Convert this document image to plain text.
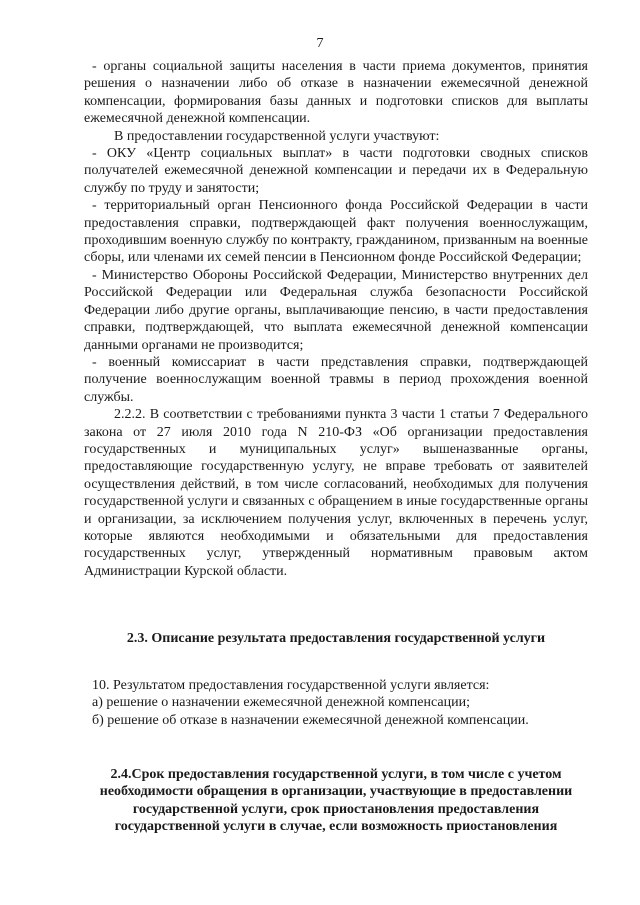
7

- органы социальной защиты населения в части приема документов, принятия решения о назначении либо об отказе в назначении ежемесячной денежной компенсации, формирования базы данных и подготовки списков для выплаты ежемесячной денежной компенсации.

В предоставлении государственной услуги участвуют:

- ОКУ «Центр социальных выплат» в части подготовки сводных списков получателей ежемесячной денежной компенсации и передачи их в Федеральную службу по труду и занятости;

- территориальный орган Пенсионного фонда Российской Федерации в части предоставления справки, подтверждающей факт получения военнослужащим, проходившим военную службу по контракту, гражданином, призванным на военные сборы, или членами их семей пенсии в Пенсионном фонде Российской Федерации;

- Министерство Обороны Российской Федерации, Министерство внутренних дел Российской Федерации или Федеральная служба безопасности Российской Федерации либо другие органы, выплачивающие пенсию, в части предоставления справки, подтверждающей, что выплата ежемесячной денежной компенсации данными органами не производится;

- военный комиссариат в части представления справки, подтверждающей получение военнослужащим военной травмы в период прохождения военной службы.

2.2.2. В соответствии с требованиями пункта 3 части 1 статьи 7 Федерального закона от 27 июля 2010 года N 210-ФЗ «Об организации предоставления государственных и муниципальных услуг» вышеназванные органы, предоставляющие государственную услугу, не вправе требовать от заявителей осуществления действий, в том числе согласований, необходимых для получения государственной услуги и связанных с обращением в иные государственные органы и организации, за исключением получения услуг, включенных в перечень услуг, которые являются необходимыми и обязательными для предоставления государственных услуг, утвержденный нормативным правовым актом Администрации Курской области.

2.3. Описание результата предоставления государственной услуги

10. Результатом предоставления государственной услуги является:

а) решение о назначении ежемесячной денежной компенсации;

б) решение об отказе в назначении ежемесячной денежной компенсации.

2.4.Срок предоставления государственной услуги, в том числе с учетом
необходимости обращения в организации, участвующие в предоставлении
государственной услуги, срок приостановления предоставления
государственной услуги в случае, если возможность приостановления
